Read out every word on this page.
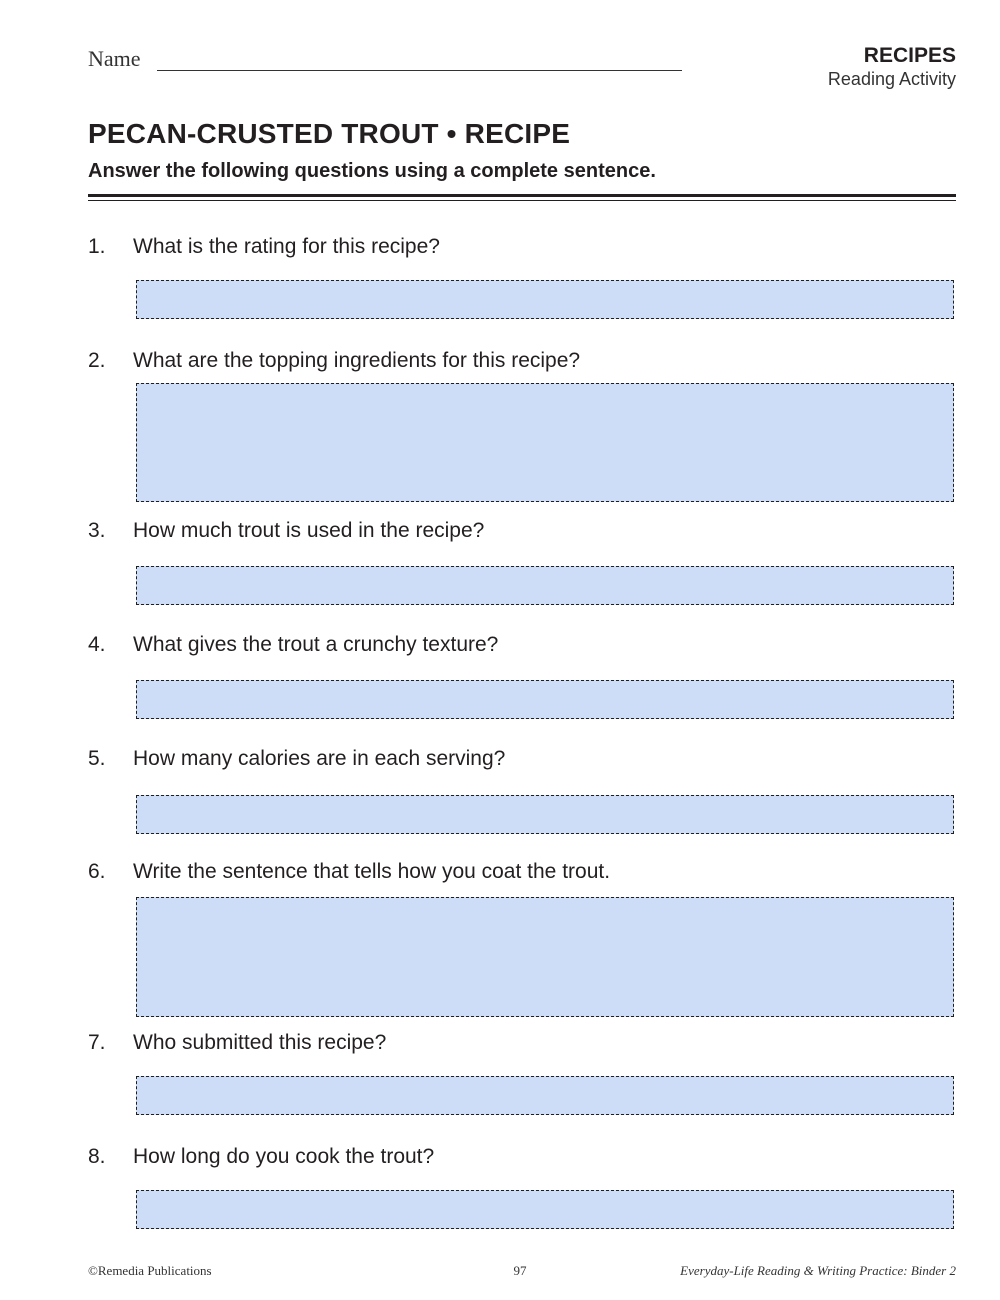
Name	RECIPES
Reading Activity
PECAN-CRUSTED TROUT • RECIPE
Answer the following questions using a complete sentence.
1.	What is the rating for this recipe?
2.	What are the topping ingredients for this recipe?
3.	How much trout is used in the recipe?
4.	What gives the trout a crunchy texture?
5.	How many calories are in each serving?
6.	Write the sentence that tells how you coat the trout.
7.	Who submitted this recipe?
8.	How long do you cook the trout?
©Remedia Publications	97	Everyday-Life Reading & Writing Practice: Binder 2
